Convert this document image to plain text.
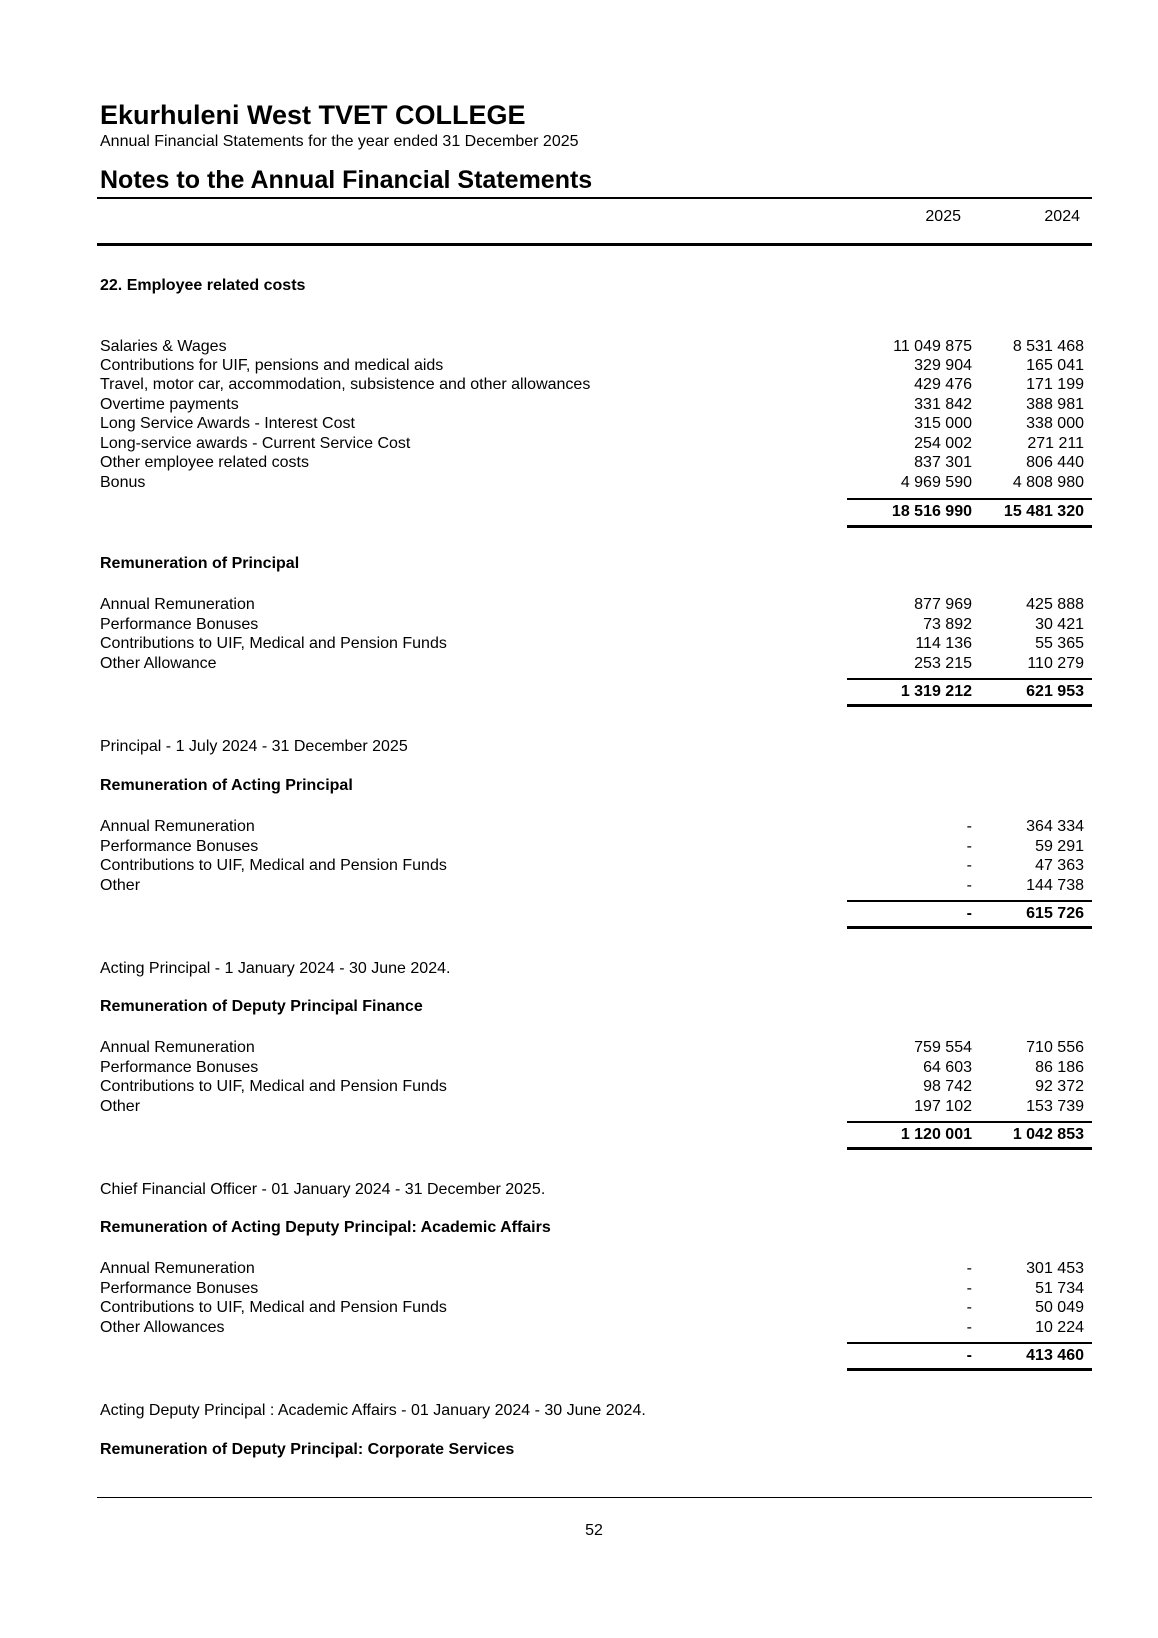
Ekurhuleni West TVET COLLEGE
Annual Financial Statements for the year ended 31 December 2025
Notes to the Annual Financial Statements
2025	2024
22. Employee related costs
Salaries & Wages	11 049 875	8 531 468
Contributions for UIF, pensions and medical aids	329 904	165 041
Travel, motor car, accommodation, subsistence and other allowances	429 476	171 199
Overtime payments	331 842	388 981
Long Service Awards - Interest Cost	315 000	338 000
Long-service awards - Current Service Cost	254 002	271 211
Other employee related costs	837 301	806 440
Bonus	4 969 590	4 808 980
18 516 990	15 481 320
Remuneration of Principal
Annual Remuneration	877 969	425 888
Performance Bonuses	73 892	30 421
Contributions to UIF, Medical and Pension Funds	114 136	55 365
Other Allowance	253 215	110 279
1 319 212	621 953
Principal - 1 July 2024 - 31 December 2025
Remuneration of Acting Principal
Annual Remuneration	-	364 334
Performance Bonuses	-	59 291
Contributions to UIF, Medical and Pension Funds	-	47 363
Other	-	144 738
-	615 726
Acting Principal - 1 January 2024 - 30 June 2024.
Remuneration of Deputy Principal Finance
Annual Remuneration	759 554	710 556
Performance Bonuses	64 603	86 186
Contributions to UIF, Medical and Pension Funds	98 742	92 372
Other	197 102	153 739
1 120 001	1 042 853
Chief Financial Officer - 01 January 2024 - 31 December 2025.
Remuneration of Acting Deputy Principal: Academic Affairs
Annual Remuneration	-	301 453
Performance Bonuses	-	51 734
Contributions to UIF, Medical and Pension Funds	-	50 049
Other Allowances	-	10 224
-	413 460
Acting Deputy Principal : Academic Affairs - 01 January 2024 - 30 June 2024.
Remuneration of Deputy Principal: Corporate Services
52
